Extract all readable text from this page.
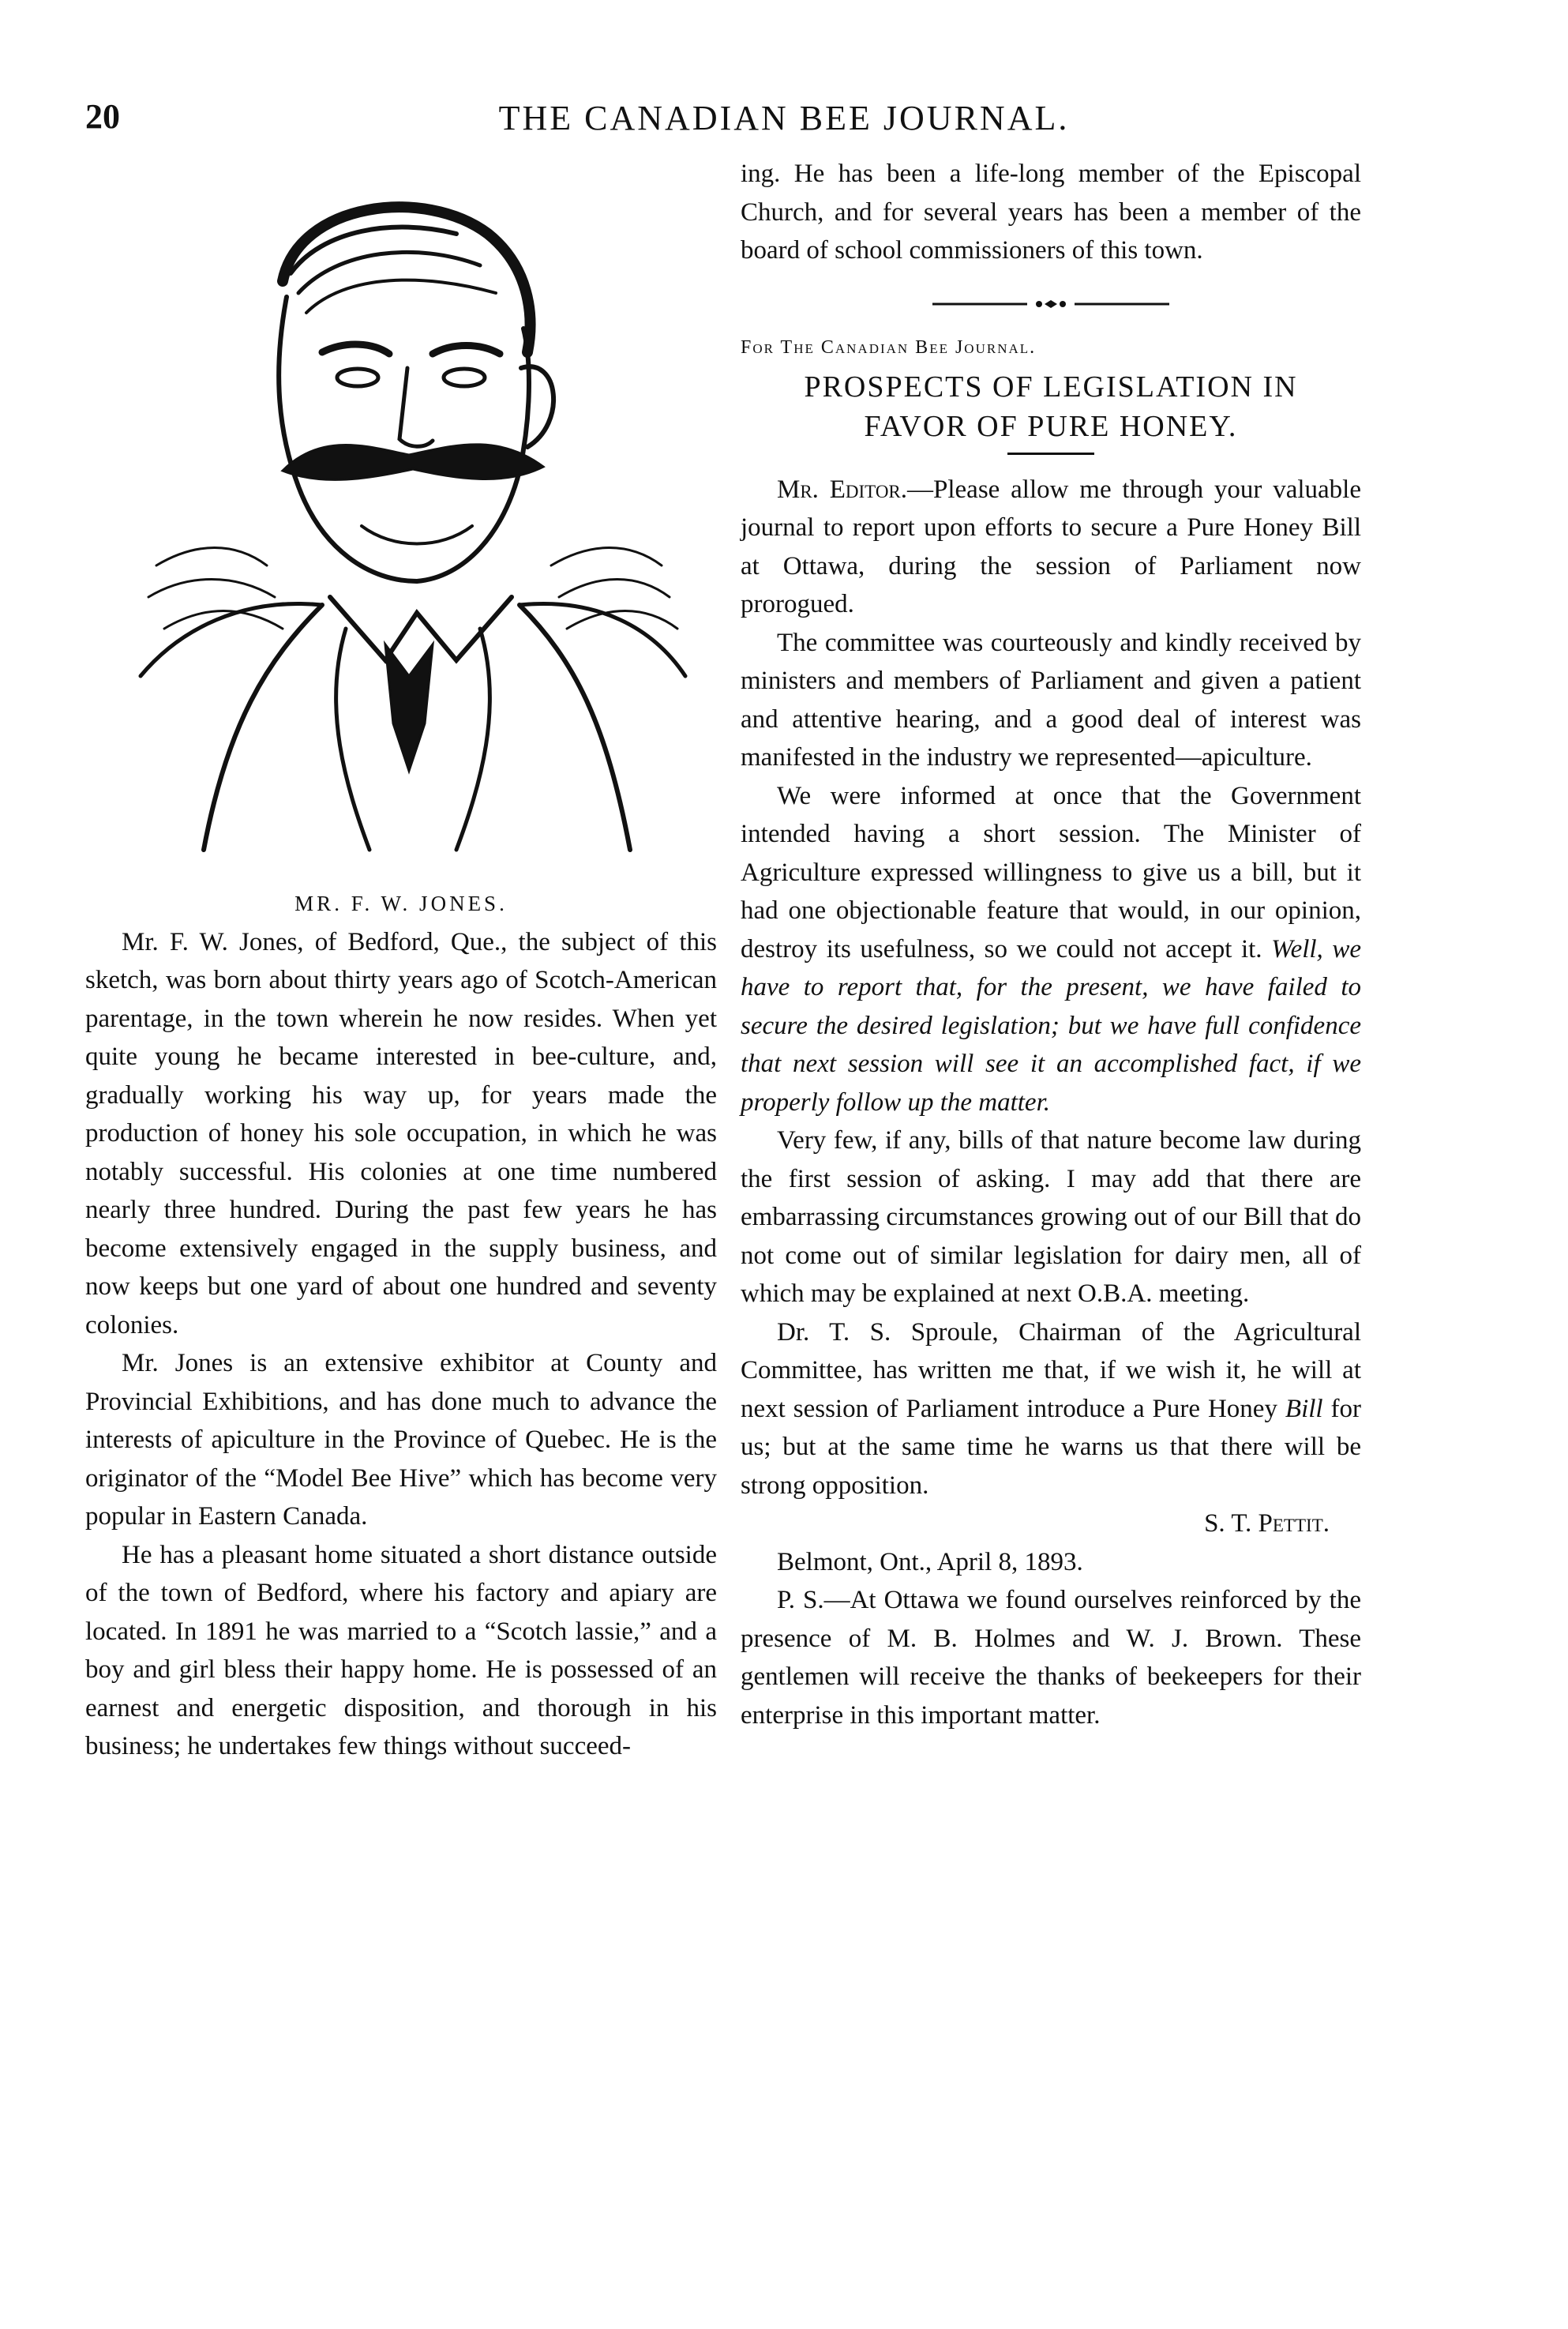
20	THE CANADIAN BEE JOURNAL.

MR. F. W. JONES.

Mr. F. W. Jones, of Bedford, Que., the subject of this sketch, was born about thirty years ago of Scotch-American parentage, in the town wherein he now resides. When yet quite young he became interested in bee-culture, and, gradually working his way up, for years made the production of honey his sole occupation, in which he was notably successful. His colonies at one time numbered nearly three hundred. During the past few years he has become extensively engaged in the supply business, and now keeps but one yard of about one hundred and seventy colonies.

Mr. Jones is an extensive exhibitor at County and Provincial Exhibitions, and has done much to advance the interests of apiculture in the Province of Quebec. He is the originator of the “Model Bee Hive” which has become very popular in Eastern Canada.

He has a pleasant home situated a short distance outside of the town of Bedford, where his factory and apiary are located. In 1891 he was married to a “Scotch lassie,” and a boy and girl bless their happy home. He is possessed of an earnest and energetic disposition, and thorough in his business; he undertakes few things without succeed-

ing. He has been a life-long member of the Episcopal Church, and for several years has been a member of the board of school commissioners of this town.

For The Canadian Bee Journal.

PROSPECTS OF LEGISLATION IN
FAVOR OF PURE HONEY.

Mr. Editor.—Please allow me through your valuable journal to report upon efforts to secure a Pure Honey Bill at Ottawa, during the session of Parliament now prorogued.

The committee was courteously and kindly received by ministers and members of Parliament and given a patient and attentive hearing, and a good deal of interest was manifested in the industry we represented—apiculture.

We were informed at once that the Government intended having a short session. The Minister of Agriculture expressed willingness to give us a bill, but it had one objectionable feature that would, in our opinion, destroy its usefulness, so we could not accept it. Well, we have to report that, for the present, we have failed to secure the desired legislation; but we have full confidence that next session will see it an accomplished fact, if we properly follow up the matter.

Very few, if any, bills of that nature become law during the first session of asking. I may add that there are embarrassing circumstances growing out of our Bill that do not come out of similar legislation for dairy men, all of which may be explained at next O.B.A. meeting.

Dr. T. S. Sproule, Chairman of the Agricultural Committee, has written me that, if we wish it, he will at next session of Parliament introduce a Pure Honey Bill for us; but at the same time he warns us that there will be strong opposition.

S. T. Pettit.

Belmont, Ont., April 8, 1893.

P. S.—At Ottawa we found ourselves reinforced by the presence of M. B. Holmes and W. J. Brown. These gentlemen will receive the thanks of beekeepers for their enterprise in this important matter.
